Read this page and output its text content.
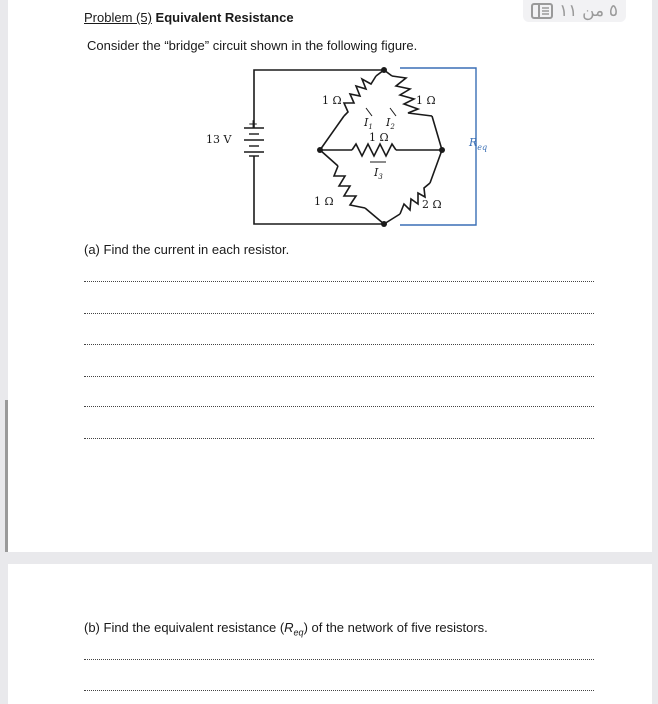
٥ من ١١
Problem (5) Equivalent Resistance
Consider the “bridge” circuit shown in the following figure.
13 V
+
1 Ω	1 Ω
1 Ω
1 Ω	2 Ω
$I_1$ $I_2$
$I_3$
$R_{eq}$
(a) Find the current in each resistor.
(b) Find the equivalent resistance $(R_{eq})$ of the network of five resistors.
